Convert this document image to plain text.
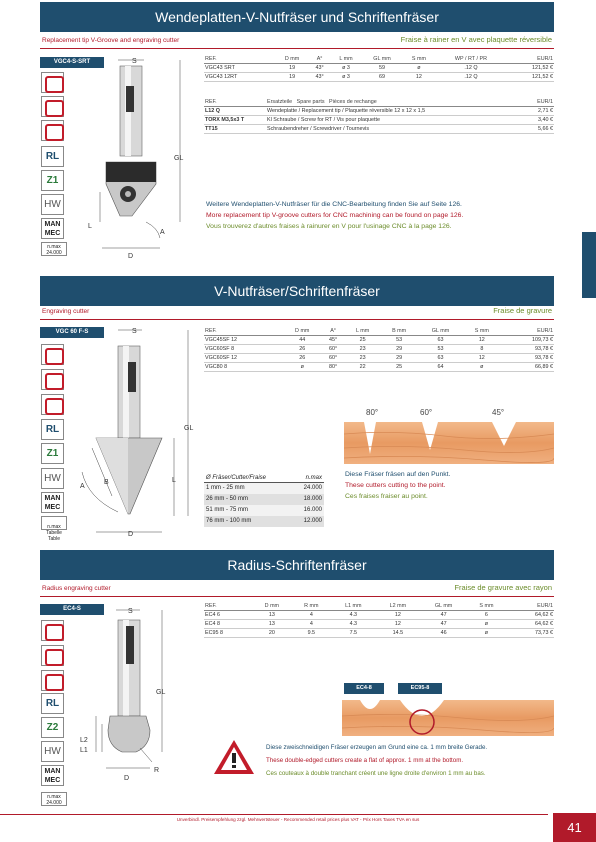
Wendeplatten-V-Nutfräser und Schriftenfräser
Replacement tip V-Groove and engraving cutter	Fraise à rainer en V avec plaquette réversible
VGC4-S-SRT
RL
Z1
HW
MAN
MEC
n.max
24.000
S
GL
L
A
D
REF.	D mm	A°	L mm	GL mm	S mm	WP / RT / PR	EUR/1
VGC43 SRT	19	43°	ø 3	59	ø	.12 Q	121,52 €
VGC43 12RT	19	43°	ø 3	69	12	.12 Q	121,52 €
REF.	Ersatzteile Spare parts Pièces de rechange	EUR/1
L12 Q	Wendeplatte / Replacement tip / Plaquette réversible 12 x 12 x 1,5	2,71 €
TORX M3,5x3 T	Kl Schraube / Screw for RT / Vis pour plaquette	3,40 €
TT15	Schraubendreher / Screwdriver / Tournevis	5,66 €
Weitere Wendeplatten-V-Nutfräser für die CNC-Bearbeitung finden Sie auf Seite 126.
More replacement tip V-groove cutters for CNC machining can be found on page 126.
Vous trouverez d'autres fraises à rainurer en V pour l'usinage CNC à la page 126.
V-Nutfräser/Schriftenfräser
Engraving cutter	Fraise de gravure
VGC 60 F-S
RL
Z1
HW
MAN
MEC

n.max
Tabelle
Table

S
GL
L
A
B
D
REF.	D mm	A°	L mm	B mm	GL mm	S mm	EUR/1
VGC45SF 12	44	45°	25	53	63	12	109,73 €
VGC60SF 8	26	60°	23	29	53	8	93,78 €
VGC60SF 12	26	60°	23	29	63	12	93,78 €
VGC80 8	ø	80°	22	25	64	ø	66,89 €
80°	60°	45°
Ø Fräser/Cutter/Fraise	n.max
1 mm - 25 mm	24.000
26 mm - 50 mm	18.000
51 mm - 75 mm	16.000
76 mm - 100 mm	12.000
Diese Fräser fräsen auf den Punkt.
These cutters cutting to the point.
Ces fraises fraiser au point.
Radius-Schriftenfräser
Radius engraving cutter	Fraise de gravure avec rayon
EC4-S
RL
Z2
HW
MAN
MEC
n.max
24.000
S
GL
L2
L1
R
D
REF.	D mm	R mm	L1 mm	L2 mm	GL mm	S mm	EUR/1
EC4 6	13	4	4.3	12	47	6	64,62 €
EC4 8	13	4	4.3	12	47	ø	64,62 €
EC95 8	20	9.5	7.5	14.5	46	ø	73,73 €
EC4-8	EC95-8
Diese zweischneidigen Fräser erzeugen am Grund eine ca. 1 mm breite Gerade.
These double-edged cutters create a flat of approx. 1 mm at the bottom.
Ces couteaux à double tranchant créent une ligne droite d'environ 1 mm au bas.
Unverbindl. Preisempfehlung zzgl. Mehrwertsteuer - Recommended retail prices plus VAT - Prix Hors Taxes TVA en sus
41
